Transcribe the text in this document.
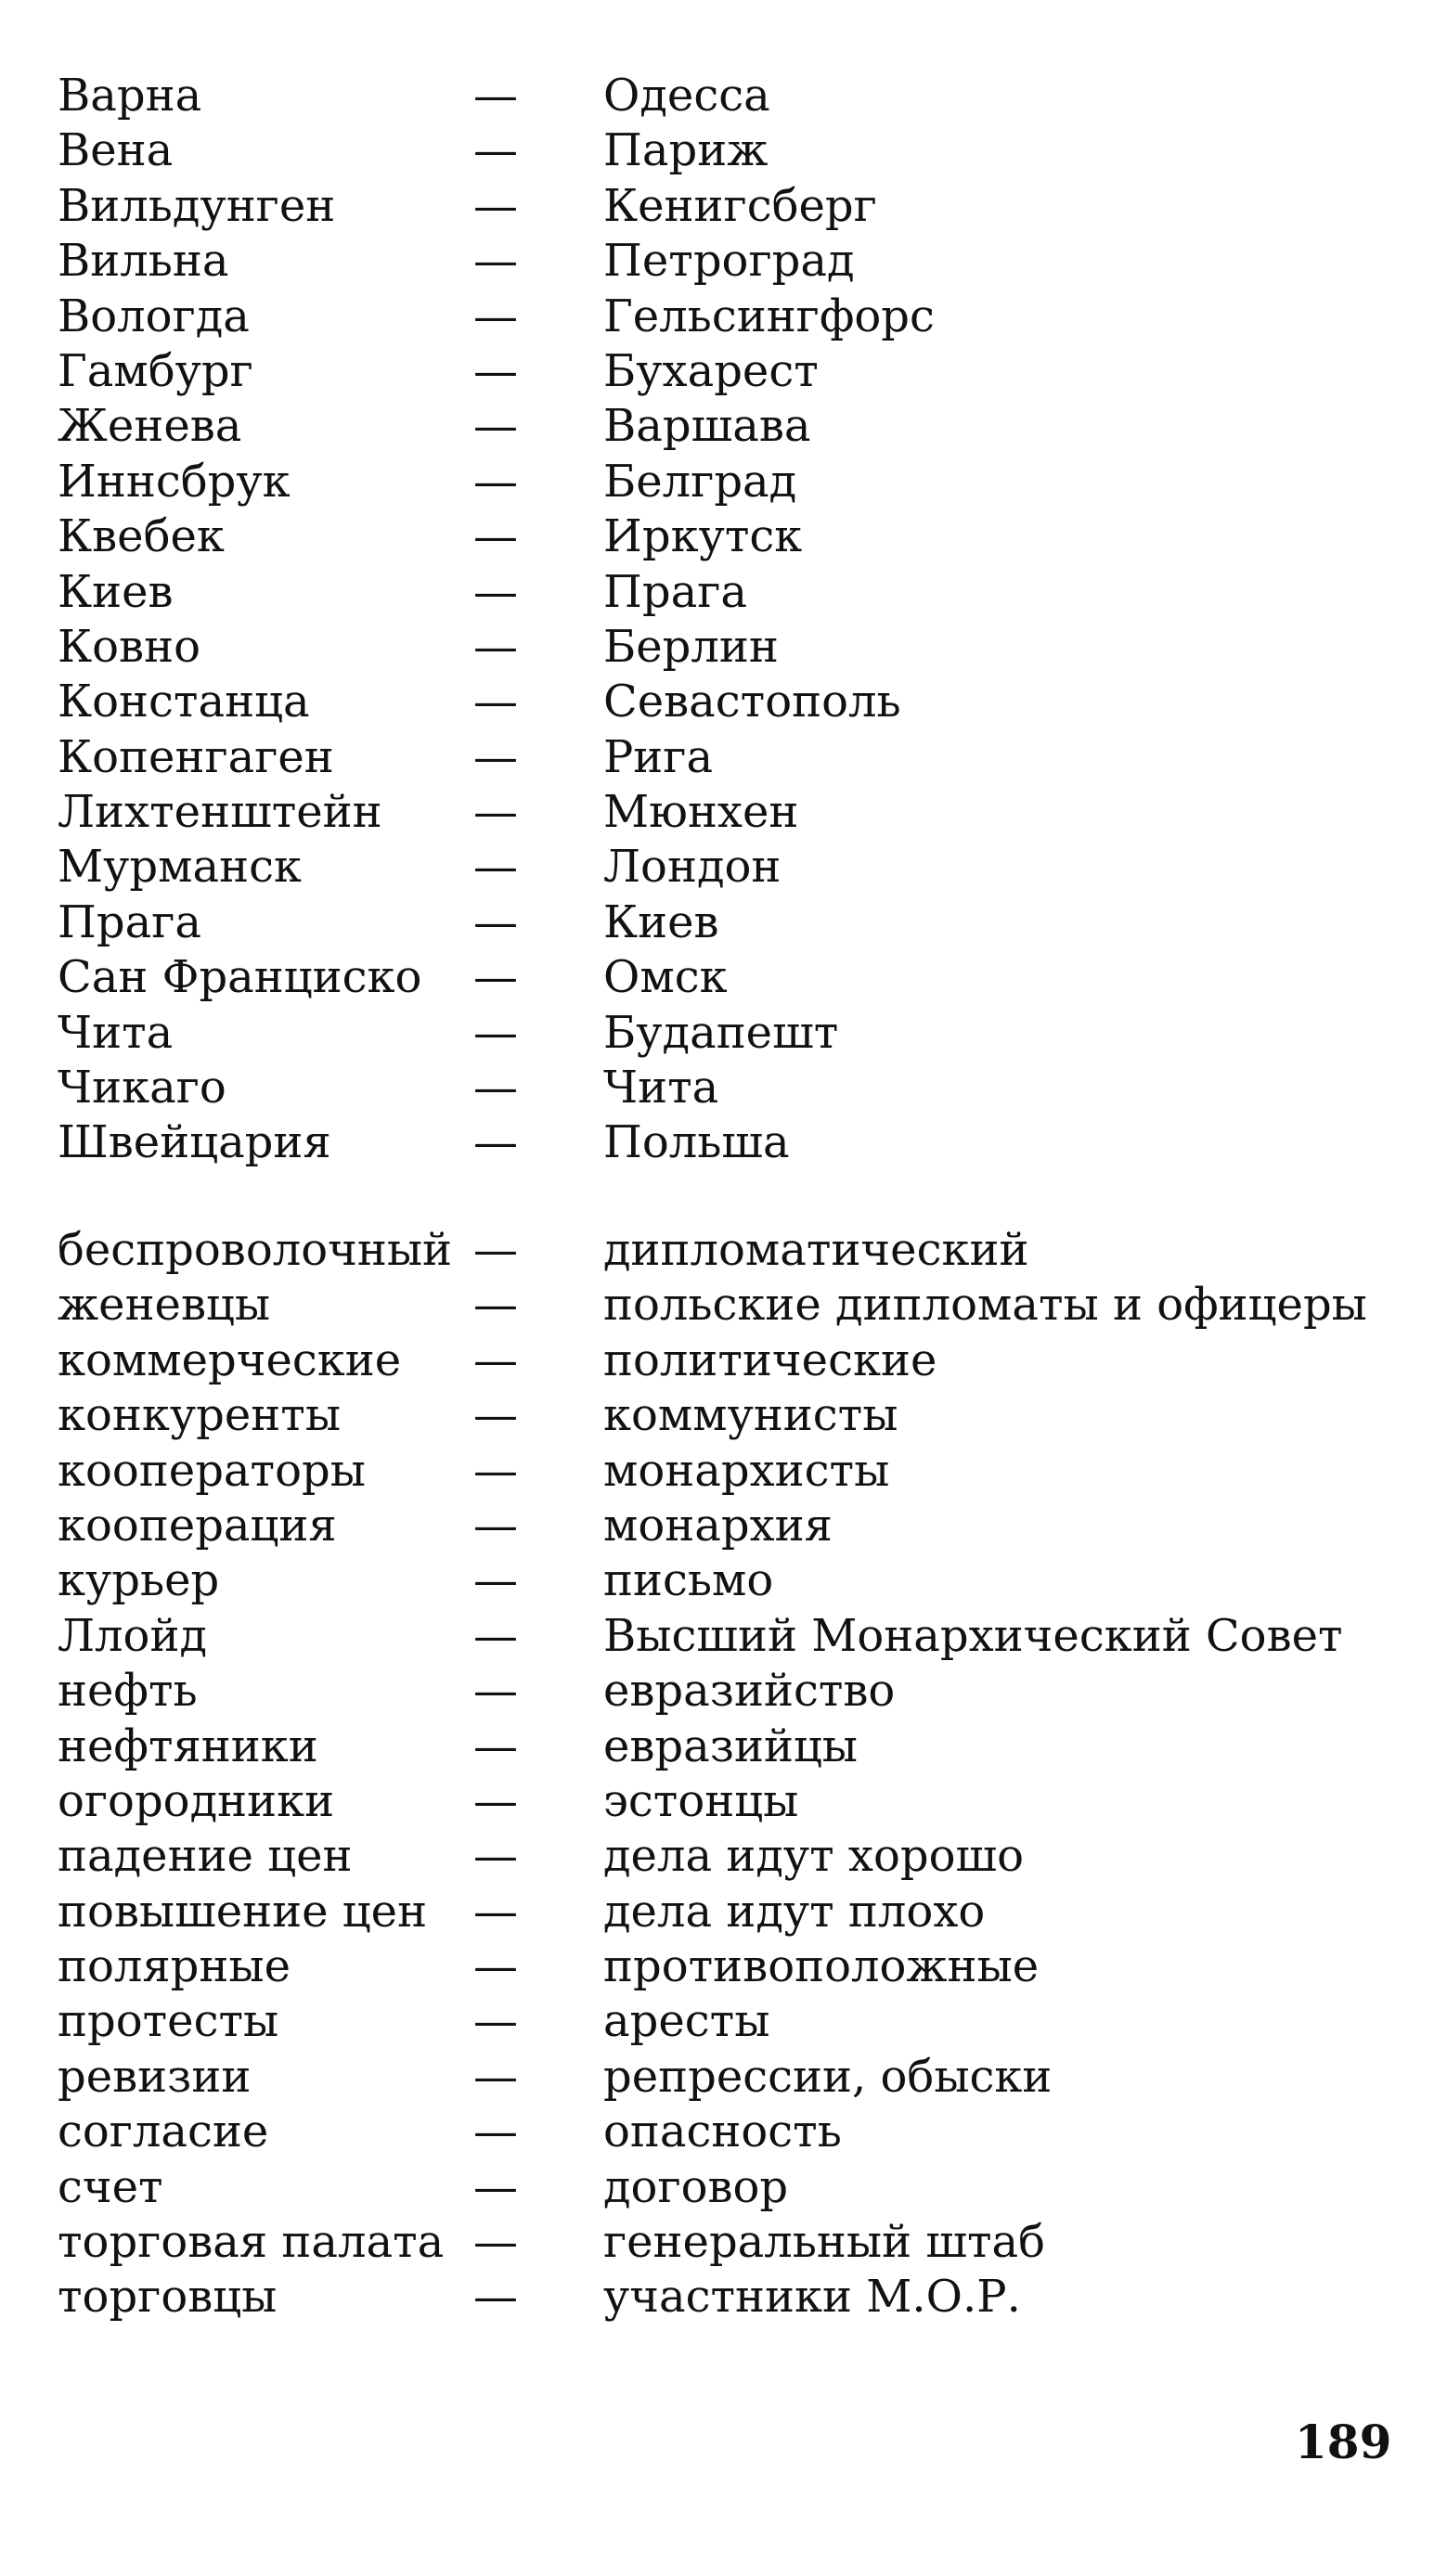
Варна	—	Одесса
Вена	—	Париж
Вильдунген	—	Кенигсберг
Вильна	—	Петроград
Вологда	—	Гельсингфорс
Гамбург	—	Бухарест
Женева	—	Варшава
Иннсбрук	—	Белград
Квебек	—	Иркутск
Киев	—	Прага
Ковно	—	Берлин
Констанца	—	Севастополь
Копенгаген	—	Рига
Лихтенштейн	—	Мюнхен
Мурманск	—	Лондон
Прага	—	Киев
Сан Франциско	—	Омск
Чита	—	Будапешт
Чикаго	—	Чита
Швейцария	—	Польша
беспроволочный —	дипломатический
женевцы	—	польские дипломаты и офицеры
коммерческие	—	политические
конкуренты	—	коммунисты
кооператоры	—	монархисты
кооперация	—	монархия
курьер	—	письмо
Ллойд	—	Высший Монархический Совет
нефть	—	евразийство
нефтяники	—	евразийцы
огородники	—	эстонцы
падение цен	—	дела идут хорошо
повышение цен	—	дела идут плохо
полярные	—	противоположные
протесты	—	аресты
ревизии	—	репрессии, обыски
согласие	—	опасность
счет	—	договор
торговая палата —	генеральный штаб
торговцы	—	участники М.О.Р.
189
